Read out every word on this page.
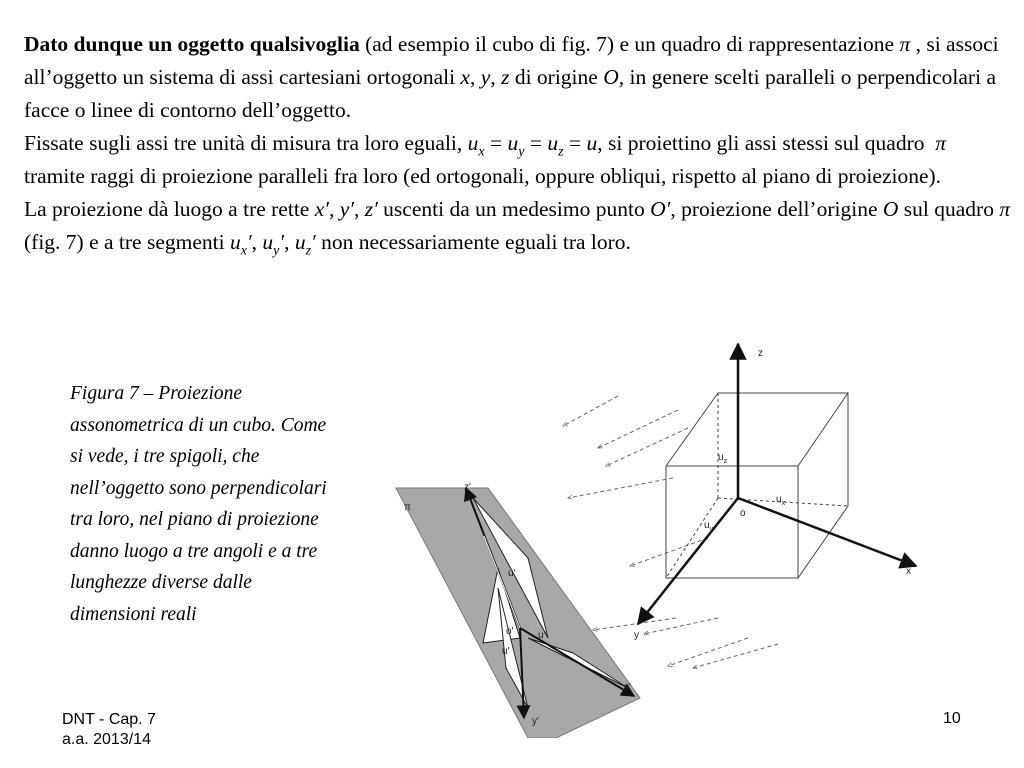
Dato dunque un oggetto qualsivoglia (ad esempio il cubo di fig. 7) e un quadro di rappresentazione π , si associ all’oggetto un sistema di assi cartesiani ortogonali x, y, z di origine O, in genere scelti paralleli o perpendicolari a facce o linee di contorno dell’oggetto.

Fissate sugli assi tre unità di misura tra loro eguali, $u_x = u_y = u_z = u$, si proiettino gli assi stessi sul quadro  π  tramite raggi di proiezione paralleli fra loro (ed ortogonali, oppure obliqui, rispetto al piano di proiezione).

La proiezione dà luogo a tre rette x′, y′, z′ uscenti da un medesimo punto O′, proiezione dell’origine O sul quadro π (fig. 7) e a tre segmenti $u_x'$, $u_y'$, $u_z'$ non necessariamente eguali tra loro.

Figura 7 – Proiezione assonometrica di un cubo. Come si vede, i tre spigoli, che nell’oggetto sono perpendicolari tra loro, nel piano di proiezione danno luogo a tre angoli e a tre lunghezze diverse dalle dimensioni reali
z
x
y
o
$u_z$
$u_x$
$u_y$
π
z'
x'
y'
o'
u'
u'
u'
DNT - Cap. 7
a.a. 2013/14
10
